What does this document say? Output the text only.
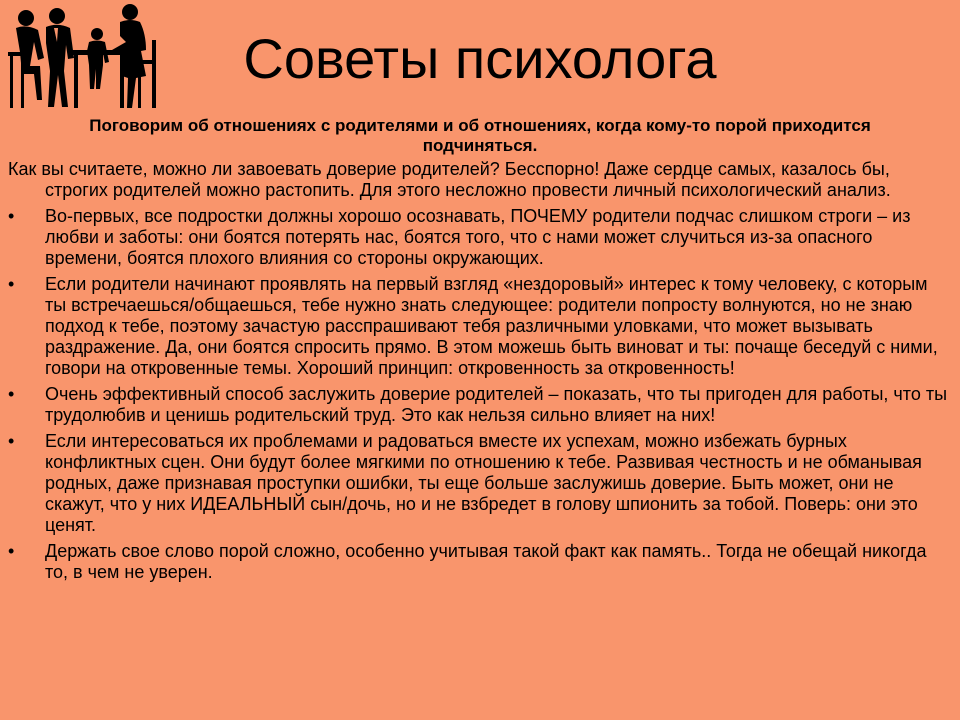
Советы психолога

Поговорим об отношениях с родителями и об отношениях, когда кому-то порой приходится подчиняться.

Как вы считаете, можно ли завоевать доверие родителей? Бесспорно! Даже сердце самых, казалось бы, строгих родителей можно растопить. Для этого несложно провести личный психологический анализ.

•	Во-первых, все подростки должны хорошо осознавать, ПОЧЕМУ родители подчас слишком строги – из любви и заботы: они боятся потерять нас, боятся того, что с нами может случиться из-за опасного времени, боятся плохого влияния со стороны окружающих.
•	Если родители начинают проявлять на первый взгляд «нездоровый» интерес к тому человеку, с которым ты встречаешься/общаешься, тебе нужно знать следующее: родители попросту волнуются, но не знаю подход к тебе, поэтому зачастую расспрашивают тебя различными уловками, что может вызывать раздражение. Да, они боятся спросить прямо. В этом можешь быть виноват и ты: почаще беседуй с ними, говори на откровенные темы. Хороший принцип: откровенность за откровенность!
•	Очень эффективный способ заслужить доверие родителей – показать, что ты пригоден для работы, что ты трудолюбив и ценишь родительский труд. Это как нельзя сильно влияет на них!
•	Если интересоваться их проблемами и радоваться вместе их успехам, можно избежать бурных конфликтных сцен. Они будут более мягкими по отношению к тебе. Развивая честность и не обманывая родных, даже признавая проступки ошибки, ты еще больше заслужишь доверие. Быть может, они не скажут, что у них ИДЕАЛЬНЫЙ сын/дочь, но и не взбредет в голову шпионить за тобой. Поверь: они это ценят.
•	Держать свое слово порой сложно, особенно учитывая такой факт как память.. Тогда не обещай никогда то, в чем не уверен.
